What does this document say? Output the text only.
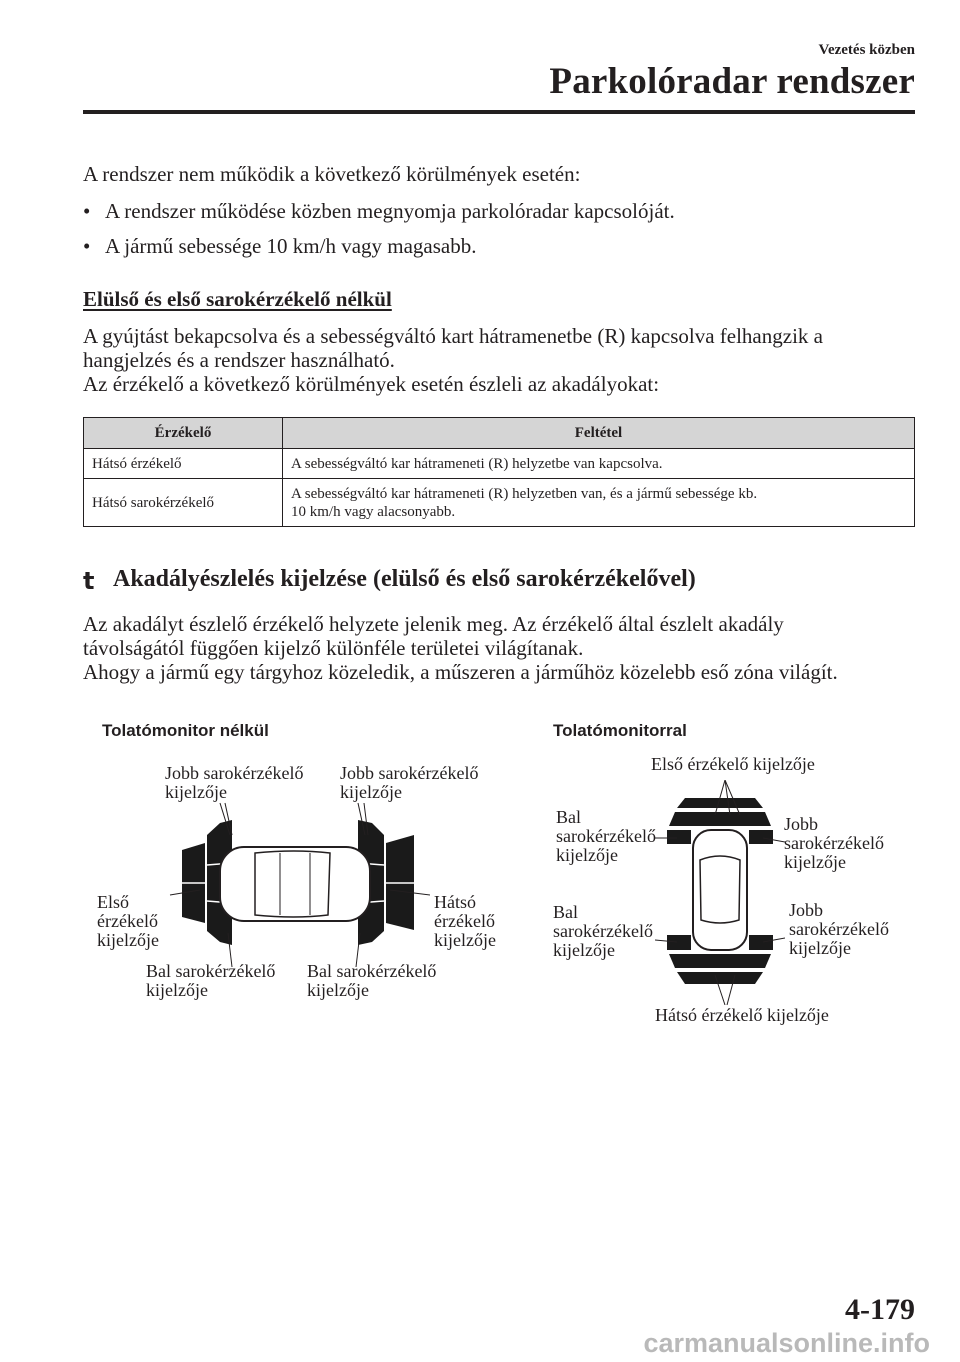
Vezetés közben
Parkolóradar rendszer
A rendszer nem működik a következő körülmények esetén:
• A rendszer működése közben megnyomja parkolóradar kapcsolóját.
• A jármű sebessége 10 km/h vagy magasabb.
Elülső és első sarokérzékelő nélkül
A gyújtást bekapcsolva és a sebességváltó kart hátramenetbe (R) kapcsolva felhangzik a
hangjelzés és a rendszer használható.
Az érzékelő a következő körülmények esetén észleli az akadályokat:
Érzékelő	Feltétel
Hátsó érzékelő	A sebességváltó kar hátrameneti (R) helyzetbe van kapcsolva.
Hátsó sarokérzékelő	A sebességváltó kar hátrameneti (R) helyzetben van, és a jármű sebessége kb.
10 km/h vagy alacsonyabb.
t Akadályészlelés kijelzése (elülső és első sarokérzékelővel)
Az akadályt észlelő érzékelő helyzete jelenik meg. Az érzékelő által észlelt akadály
távolságától függően kijelző különféle területei világítanak.
Ahogy a jármű egy tárgyhoz közeledik, a műszeren a járműhöz közelebb eső zóna világít.
Tolatómonitor nélkül	Tolatómonitorral
Jobb sarokérzékelő
kijelzője
Jobb sarokérzékelő
kijelzője
Első
érzékelő
kijelzője
Hátsó
érzékelő
kijelzője
Bal sarokérzékelő
kijelzője
Bal sarokérzékelő
kijelzője
Első érzékelő kijelzője
Bal
sarokérzékelő
kijelzője
Jobb
sarokérzékelő
kijelzője
Bal
sarokérzékelő
kijelzője
Jobb
sarokérzékelő
kijelzője
Hátsó érzékelő kijelzője
4-179
carmanualsonline.info
